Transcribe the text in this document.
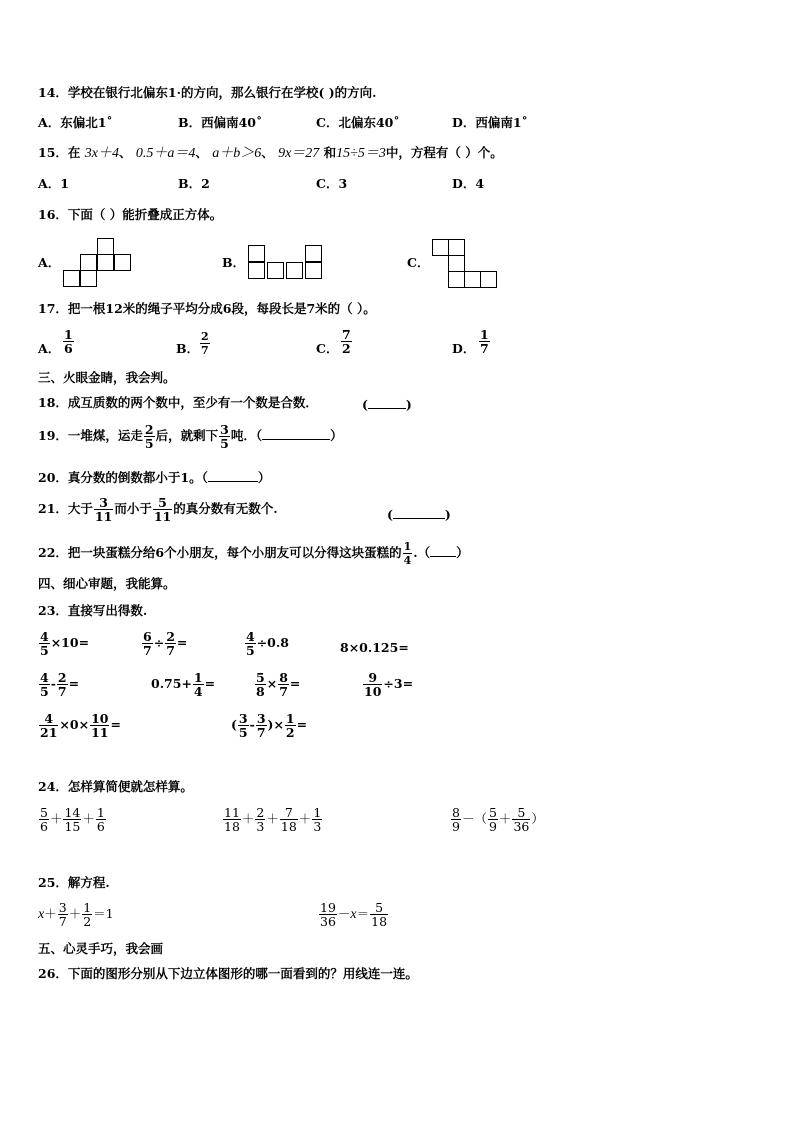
14．学校在银行北偏东1·的方向，那么银行在学校( )的方向.
A．东偏北1˚	B．西偏南40˚	C．北偏东40˚	D．西偏南1˚
15．在 3x＋4、 0.5＋a＝4、 a＋b＞6、 9x＝27 和15÷5＝3中，方程有（ ）个。
A．1	B．2	C．3	D．4
16．下面（ ）能折叠成正方体。
A．	B．	C．
17．把一根12米的绳子平均分成6段，每段长是7米的（ ）。
A． $\frac{1}{6}$	B． $\frac{2}{7}$	C． $\frac{7}{2}$	D． $\frac{1}{7}$
三、火眼金睛，我会判。
18．成互质数的两个数中，至少有一个数是合数．	(	)
19．一堆煤，运走 $\frac{2}{5}$ 后，就剩下 $\frac{3}{5}$ 吨．（	）
20．真分数的倒数都小于1。（	）
21．大于 $\frac{3}{11}$ 而小于 $\frac{5}{11}$ 的真分数有无数个.	(	)
22．把一块蛋糕分给6个小朋友，每个小朋友可以分得这块蛋糕的 $\frac{1}{4}$ .（ ）
四、细心审题，我能算。
23．直接写出得数.
$\frac{4}{5} \times 10=$	$\frac{6}{7} \div \frac{2}{7}$ =	$\frac{4}{5} \div 0.8$	8×0.125=
$\frac{4}{5} - \frac{2}{7}$ =	$0.75+ \frac{1}{4}$ =	$\frac{5}{8} \times \frac{8}{7}$ =	$\frac{9}{10} \div 3=$
$\frac{4}{21} \times 0\times \frac{10}{11}$ =	( $\frac{3}{5} - \frac{3}{7}$ )× $\frac{1}{2}$ =
24．怎样算简便就怎样算。
$\frac{5}{6} + \frac{14}{15} + \frac{1}{6}$	$\frac{11}{18} + \frac{2}{3} + \frac{7}{18} + \frac{1}{3}$	$\frac{8}{9}$ －（ $\frac{5}{9} + \frac{5}{36}$ ）
25．解方程.
$x+ \frac{3}{7} + \frac{1}{2} =1$	$\frac{19}{36} -x= \frac{5}{18}$
五、心灵手巧，我会画
26．下面的图形分别从下边立体图形的哪一面看到的？用线连一连。
